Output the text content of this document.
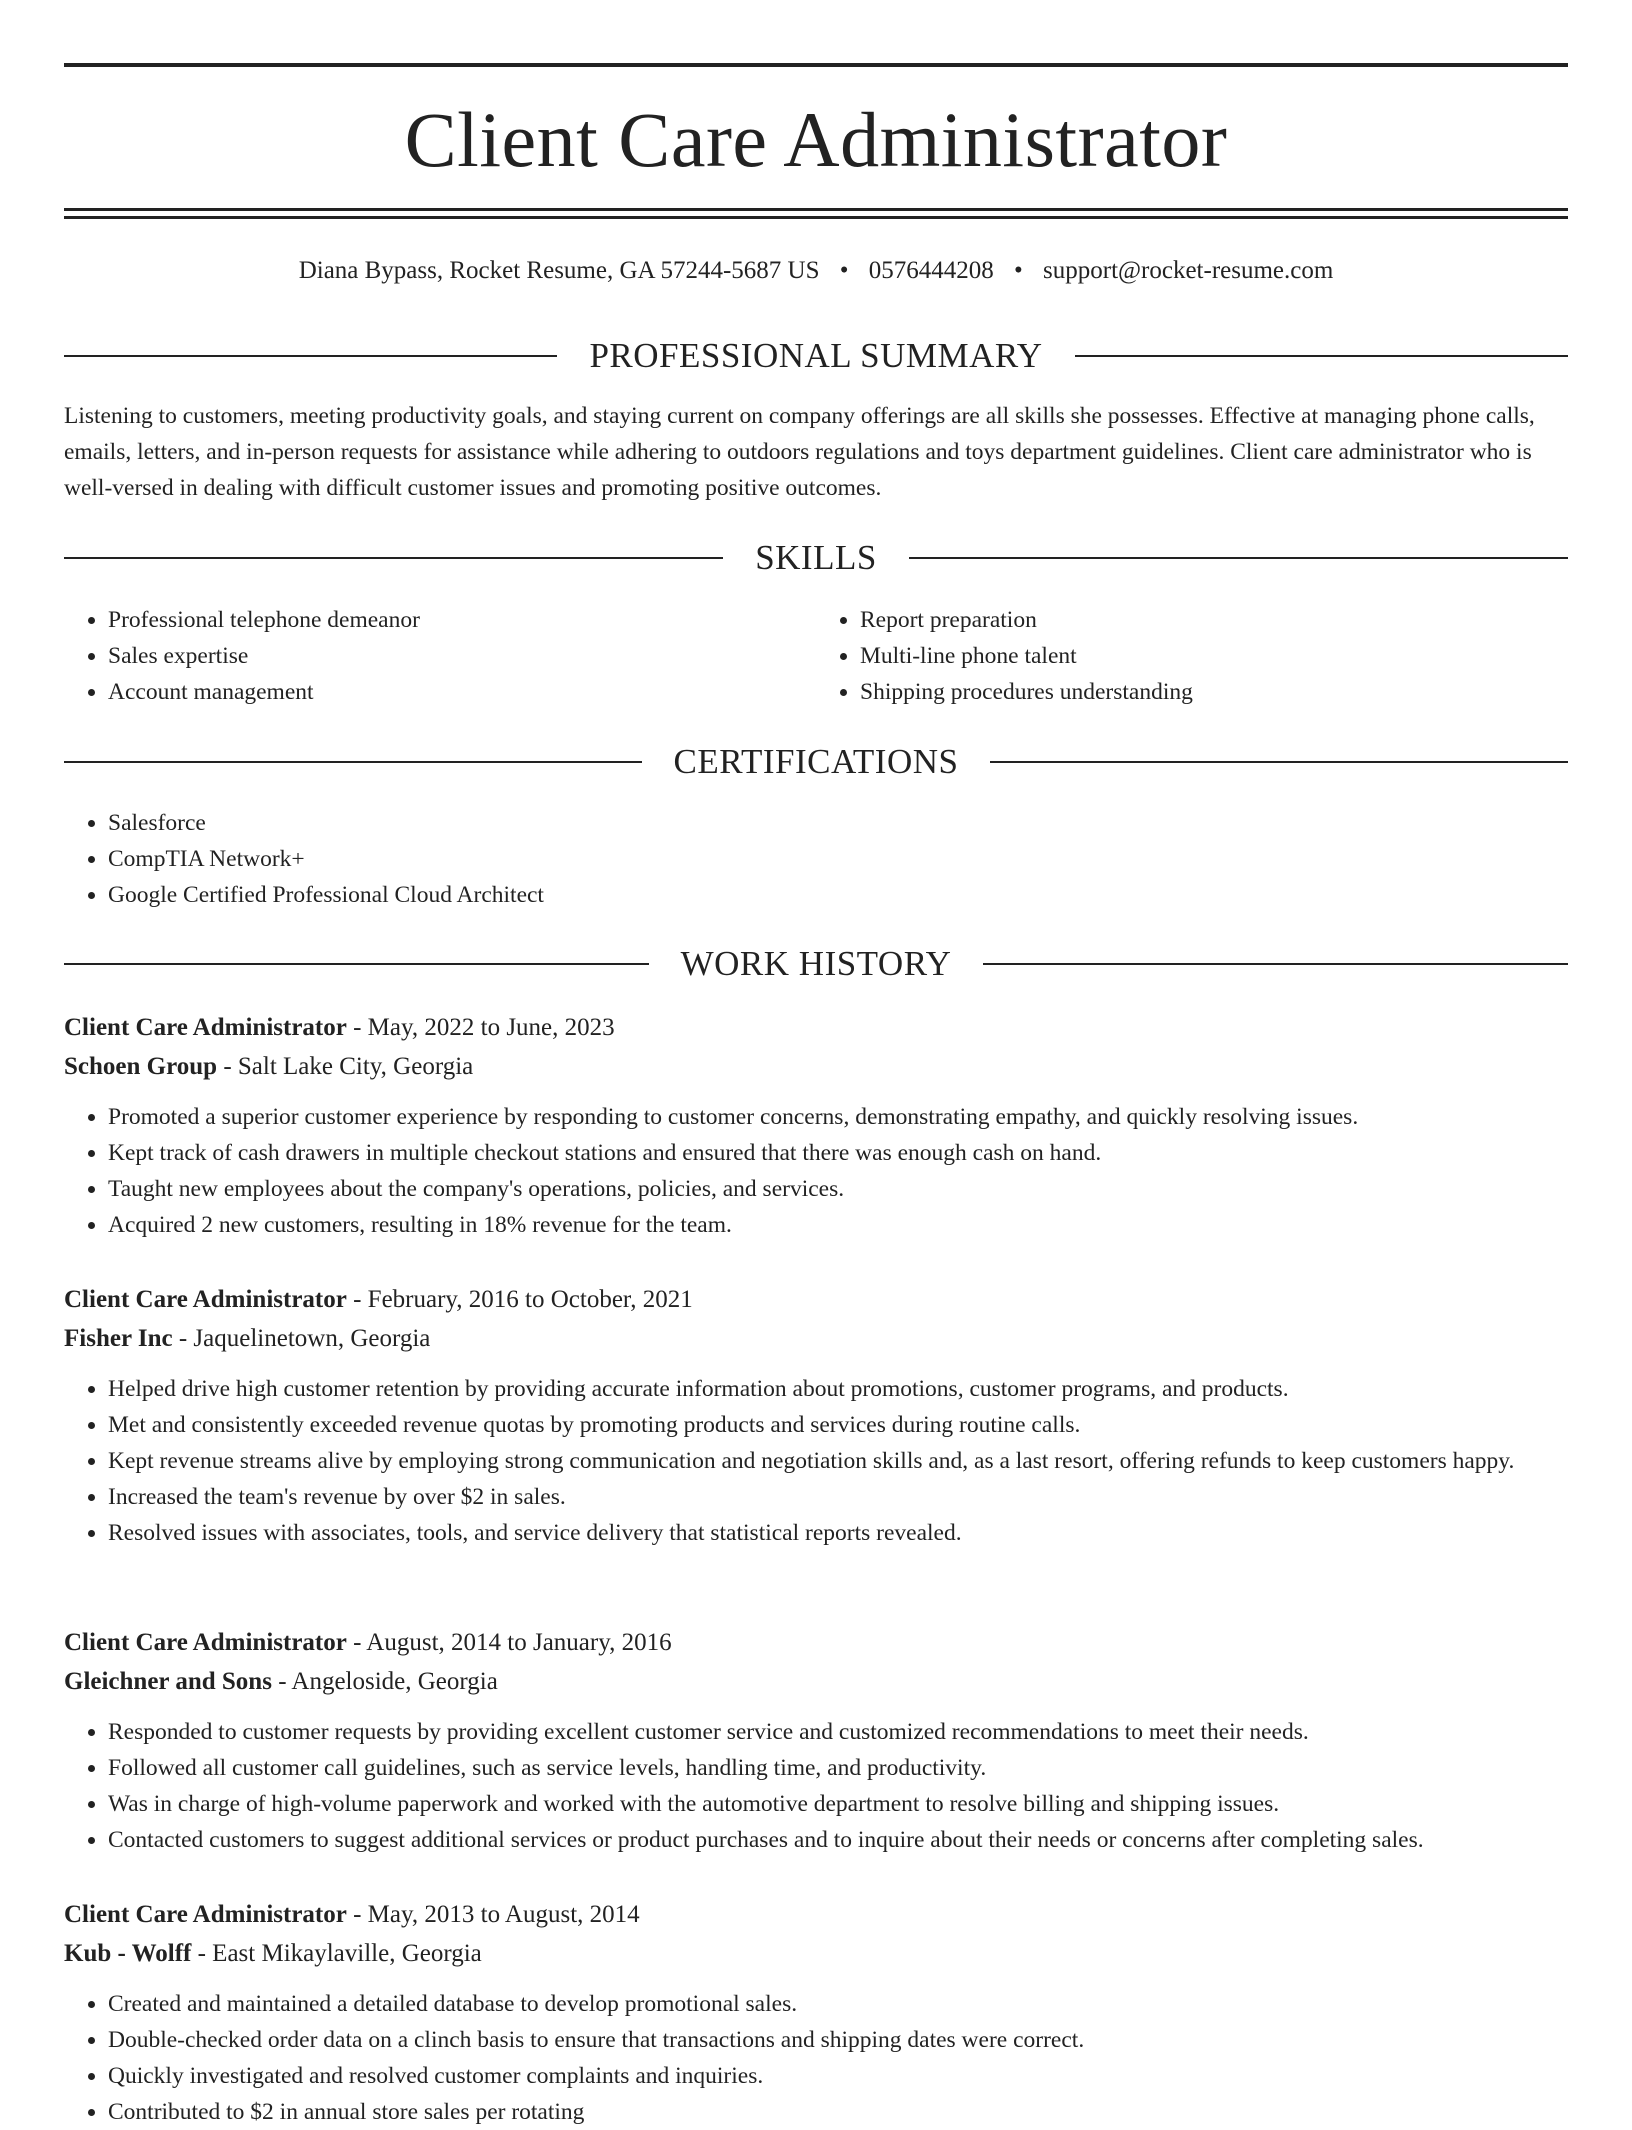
Client Care Administrator
Diana Bypass, Rocket Resume, GA 57244-5687 US • 0576444208 • support@rocket-resume.com
PROFESSIONAL SUMMARY

Listening to customers, meeting productivity goals, and staying current on company offerings are all skills she possesses. Effective at managing phone calls, emails, letters, and in-person requests for assistance while adhering to outdoors regulations and toys department guidelines. Client care administrator who is well-versed in dealing with difficult customer issues and promoting positive outcomes.

SKILLS
• Professional telephone demeanor
• Sales expertise
• Account management
• Report preparation
• Multi-line phone talent
• Shipping procedures understanding
CERTIFICATIONS
• Salesforce
• CompTIA Network+
• Google Certified Professional Cloud Architect
WORK HISTORY
Client Care Administrator - May, 2022 to June, 2023
Schoen Group - Salt Lake City, Georgia
• Promoted a superior customer experience by responding to customer concerns, demonstrating empathy, and quickly resolving issues.
• Kept track of cash drawers in multiple checkout stations and ensured that there was enough cash on hand.
• Taught new employees about the company's operations, policies, and services.
• Acquired 2 new customers, resulting in 18% revenue for the team.
Client Care Administrator - February, 2016 to October, 2021
Fisher Inc - Jaquelinetown, Georgia
• Helped drive high customer retention by providing accurate information about promotions, customer programs, and products.
• Met and consistently exceeded revenue quotas by promoting products and services during routine calls.
• Kept revenue streams alive by employing strong communication and negotiation skills and, as a last resort, offering refunds to keep customers happy.
• Increased the team's revenue by over $2 in sales.
• Resolved issues with associates, tools, and service delivery that statistical reports revealed.
Client Care Administrator - August, 2014 to January, 2016
Gleichner and Sons - Angeloside, Georgia
• Responded to customer requests by providing excellent customer service and customized recommendations to meet their needs.
• Followed all customer call guidelines, such as service levels, handling time, and productivity.
• Was in charge of high-volume paperwork and worked with the automotive department to resolve billing and shipping issues.
• Contacted customers to suggest additional services or product purchases and to inquire about their needs or concerns after completing sales.
Client Care Administrator - May, 2013 to August, 2014
Kub - Wolff - East Mikaylaville, Georgia
• Created and maintained a detailed database to develop promotional sales.
• Double-checked order data on a clinch basis to ensure that transactions and shipping dates were correct.
• Quickly investigated and resolved customer complaints and inquiries.
• Contributed to $2 in annual store sales per rotating
